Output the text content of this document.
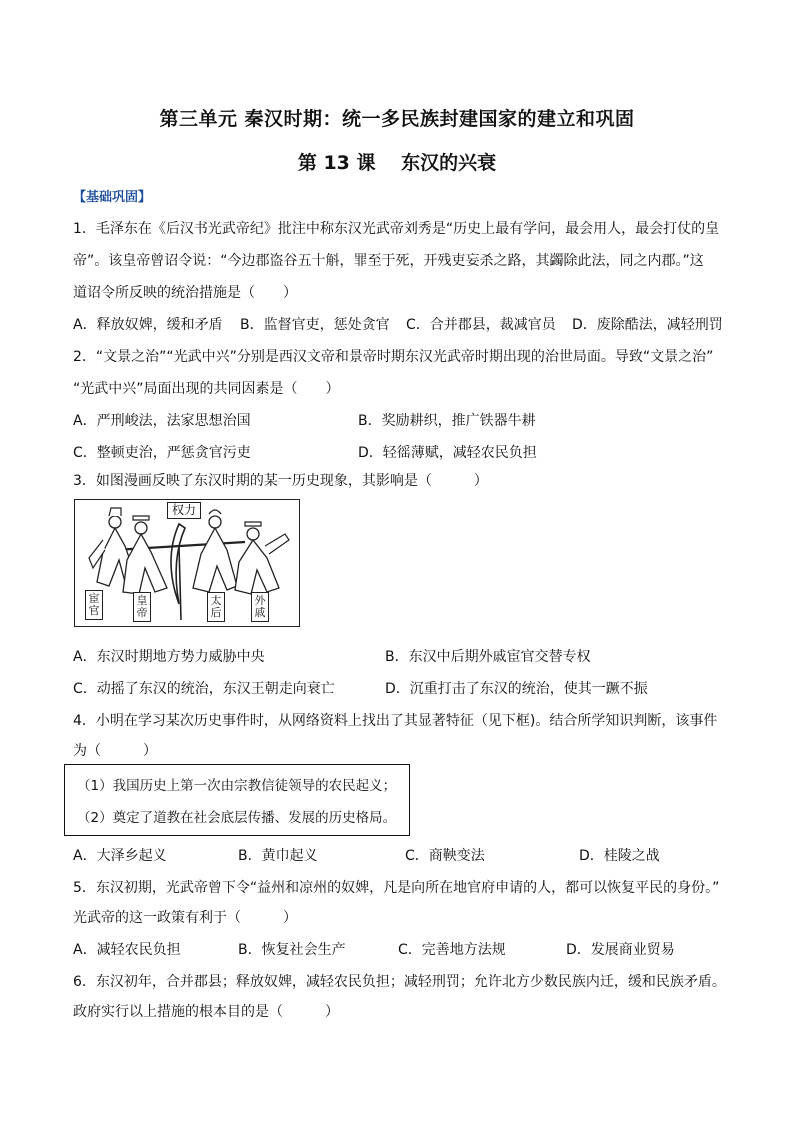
第三单元 秦汉时期：统一多民族封建国家的建立和巩固
第 13 课　 东汉的兴衰
【基础巩固】
1．毛泽东在《后汉书光武帝纪》批注中称东汉光武帝刘秀是“历史上最有学问，最会用人，最会打仗的皇
帝”。该皇帝曾诏令说：“今边郡盗谷五十斛，罪至于死，开残吏妄杀之路，其蠲除此法，同之内郡。”这
道诏令所反映的统治措施是（　　）
A．释放奴婢，缓和矛盾 B．监督官吏，惩处贪官 C．合并郡县，裁减官员 D．废除酷法，减轻刑罚
2．“文景之治”“光武中兴”分别是西汉文帝和景帝时期东汉光武帝时期出现的治世局面。导致“文景之治”
“光武中兴”局面出现的共同因素是（　　）
A．严刑峻法，法家思想治国	B．奖励耕织，推广铁器牛耕
C．整顿吏治，严惩贪官污吏	D．轻徭薄赋，减轻农民负担
3．如图漫画反映了东汉时期的某一历史现象，其影响是（　　　）
权力
宦官
皇帝
太后
外戚
A．东汉时期地方势力威胁中央	B．东汉中后期外戚宦官交替专权
C．动摇了东汉的统治，东汉王朝走向衰亡	D．沉重打击了东汉的统治，使其一蹶不振
4．小明在学习某次历史事件时，从网络资料上找出了其显著特征（见下框)。结合所学知识判断，该事件
为（　　　）
（1）我国历史上第一次由宗教信徒领导的农民起义；
（2）奠定了道教在社会底层传播、发展的历史格局。
A．大泽乡起义	B．黄巾起义	C．商鞅变法	D．桂陵之战
5．东汉初期，光武帝曾下令“益州和凉州的奴婢，凡是向所在地官府申请的人，都可以恢复平民的身份。”
光武帝的这一政策有利于（　　　）
A．减轻农民负担	B．恢复社会生产	C．完善地方法规	D．发展商业贸易
6．东汉初年，合并郡县；释放奴婢，减轻农民负担；减轻刑罚；允许北方少数民族内迁，缓和民族矛盾。
政府实行以上措施的根本目的是（　　　）
